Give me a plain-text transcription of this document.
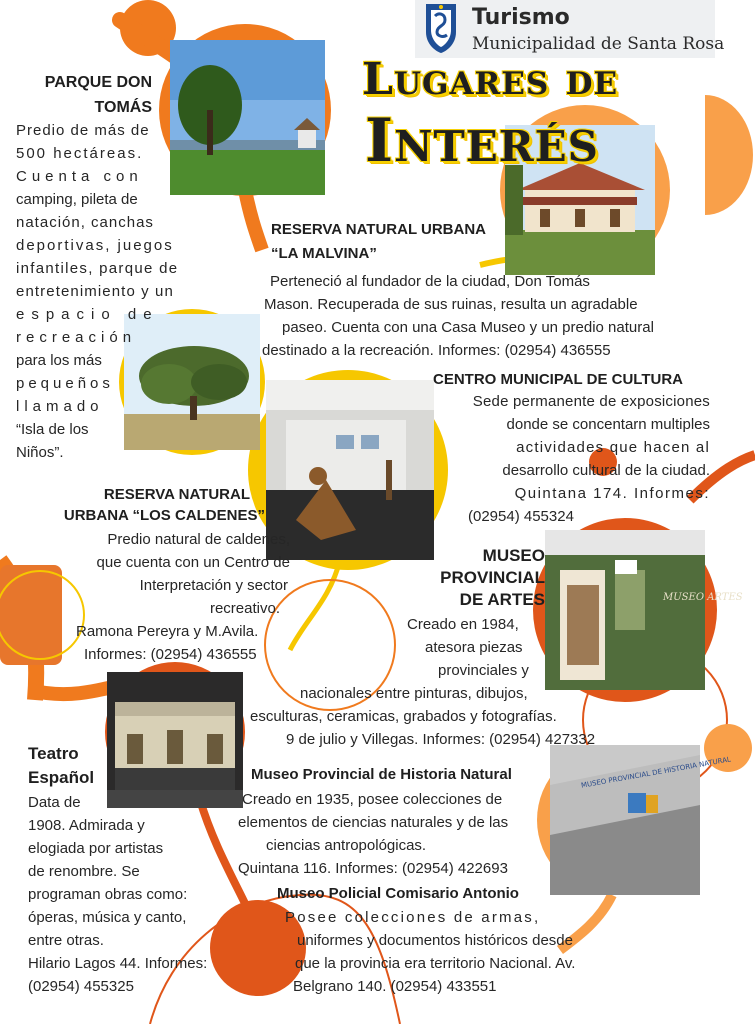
MUSEO ARTES
MUSEO PROVINCIAL DE HISTORIA NATURAL

Turismo

Municipalidad de Santa Rosa

Lugares de

Interés

PARQUE DON TOMÁS

Predio de más de

500 hectáreas.

Cuenta con

camping, pileta de

natación, canchas

deportivas, juegos

infantiles, parque de

entretenimiento y un

espacio de

recreación

para los más

pequeños

llamado

“Isla de los

Niños”.

RESERVA NATURAL URBANA

“LA MALVINA”

Perteneció al fundador de la ciudad, Don Tomás

Mason. Recuperada de sus ruinas, resulta un agradable

paseo. Cuenta con una Casa Museo y un predio natural

destinado a la recreación. Informes: (02954) 436555

CENTRO MUNICIPAL DE CULTURA

Sede permanente de exposiciones

donde se concentarn multiples

actividades que hacen al

desarrollo cultural de la ciudad.

Quintana 174. Informes:

(02954) 455324

RESERVA NATURAL

URBANA “LOS CALDENES”

Predio natural de caldenes,

que cuenta con un Centro de

Interpretación y sector

recreativo.

Ramona Pereyra y M.Avila.

Informes: (02954) 436555

MUSEO

PROVINCIAL

DE ARTES

Creado en 1984,

atesora piezas

provinciales y

nacionales entre pinturas, dibujos,

esculturas, ceramicas, grabados y fotografías.

9 de julio y Villegas. Informes: (02954) 427332

Teatro

Español

Data de

1908. Admirada y

elogiada por artistas

de renombre. Se

programan obras como:

óperas, música y canto,

entre otras.

Hilario Lagos 44. Informes:

(02954) 455325

Museo Provincial de Historia Natural

Creado en 1935, posee colecciones de

elementos de ciencias naturales y de las

ciencias antropológicas.

Quintana 116. Informes: (02954) 422693

Museo Policial Comisario Antonio

Posee colecciones de armas,

uniformes y documentos históricos desde

que la provincia era territorio Nacional. Av.

Belgrano 140. (02954) 433551
